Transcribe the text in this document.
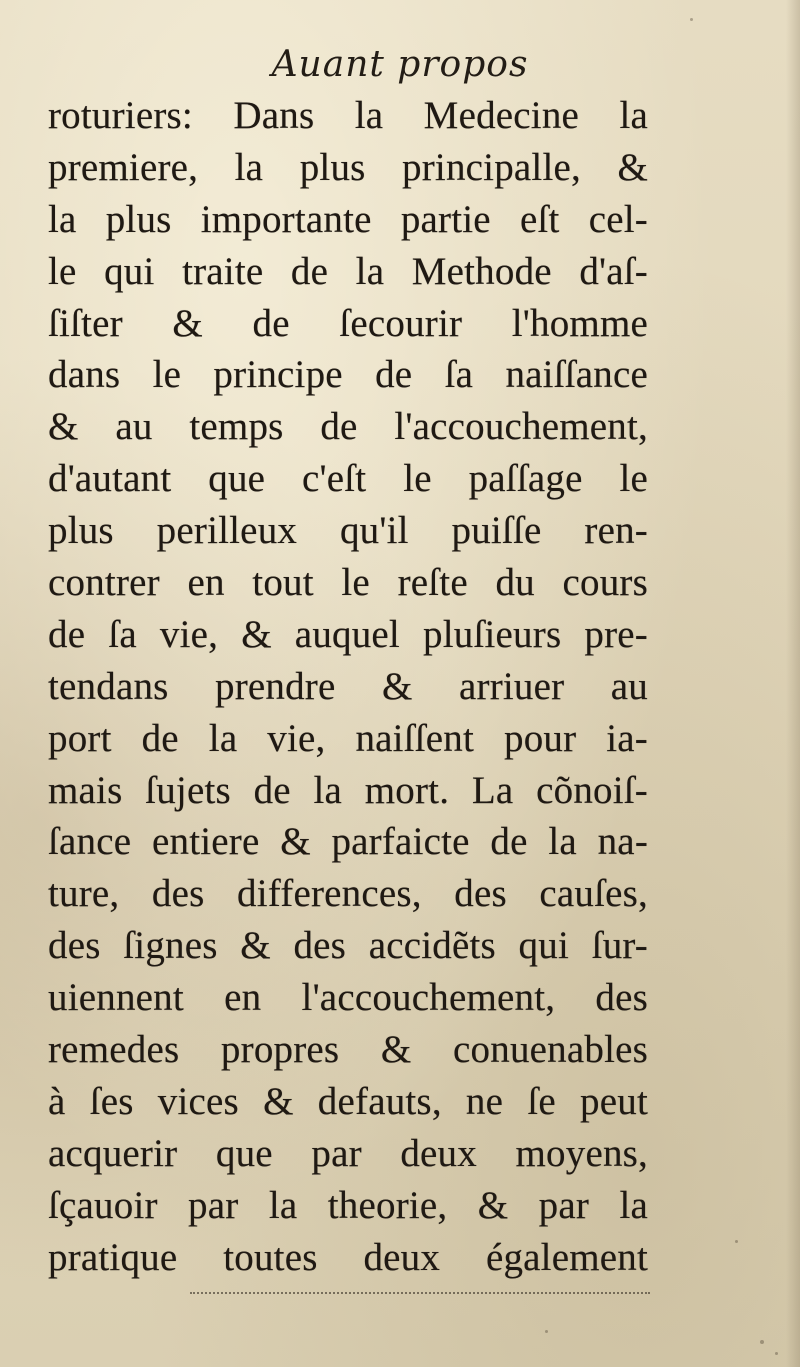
Auant propos
roturiers: Dans la Medecine la
premiere, la plus principalle, &
la plus importante partie eſt cel-
le qui traite de la Methode d'aſ-
ſiſter & de ſecourir l'homme
dans le principe de ſa naiſſance
& au temps de l'accouchement,
d'autant que c'eſt le paſſage le
plus perilleux qu'il puiſſe ren-
contrer en tout le reſte du cours
de ſa vie, & auquel pluſieurs pre-
tendans prendre & arriuer au
port de la vie, naiſſent pour ia-
mais ſujets de la mort. La cõnoiſ-
ſance entiere & parfaicte de la na-
ture, des differences, des cauſes,
des ſignes & des accidẽts qui ſur-
uiennent en l'accouchement, des
remedes propres & conuenables
à ſes vices & defauts, ne ſe peut
acquerir que par deux moyens,
ſçauoir par la theorie, & par la
pratique toutes deux également
